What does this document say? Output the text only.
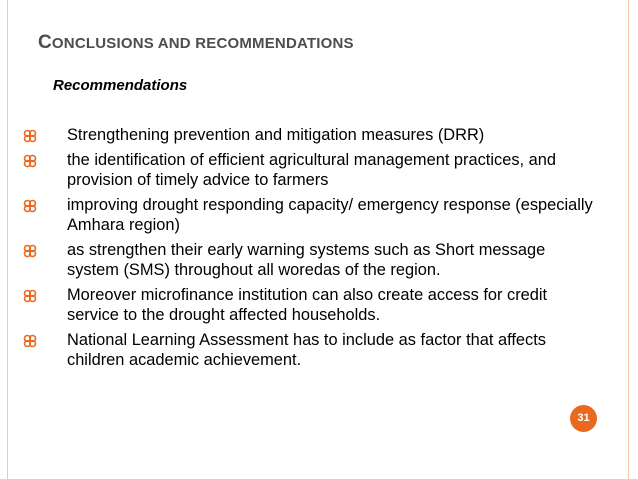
CONCLUSIONS AND RECOMMENDATIONS
Recommendations
Strengthening prevention and mitigation measures (DRR)
the identification of efficient agricultural management practices, and
provision of timely advice to farmers
improving drought responding capacity/ emergency response (especially
Amhara region)
as strengthen their early warning systems such as Short message
system (SMS) throughout all woredas of the region.
Moreover microfinance institution can also create access for credit
service to the drought affected households.
National Learning Assessment has to include as factor that affects
children academic achievement.
31
